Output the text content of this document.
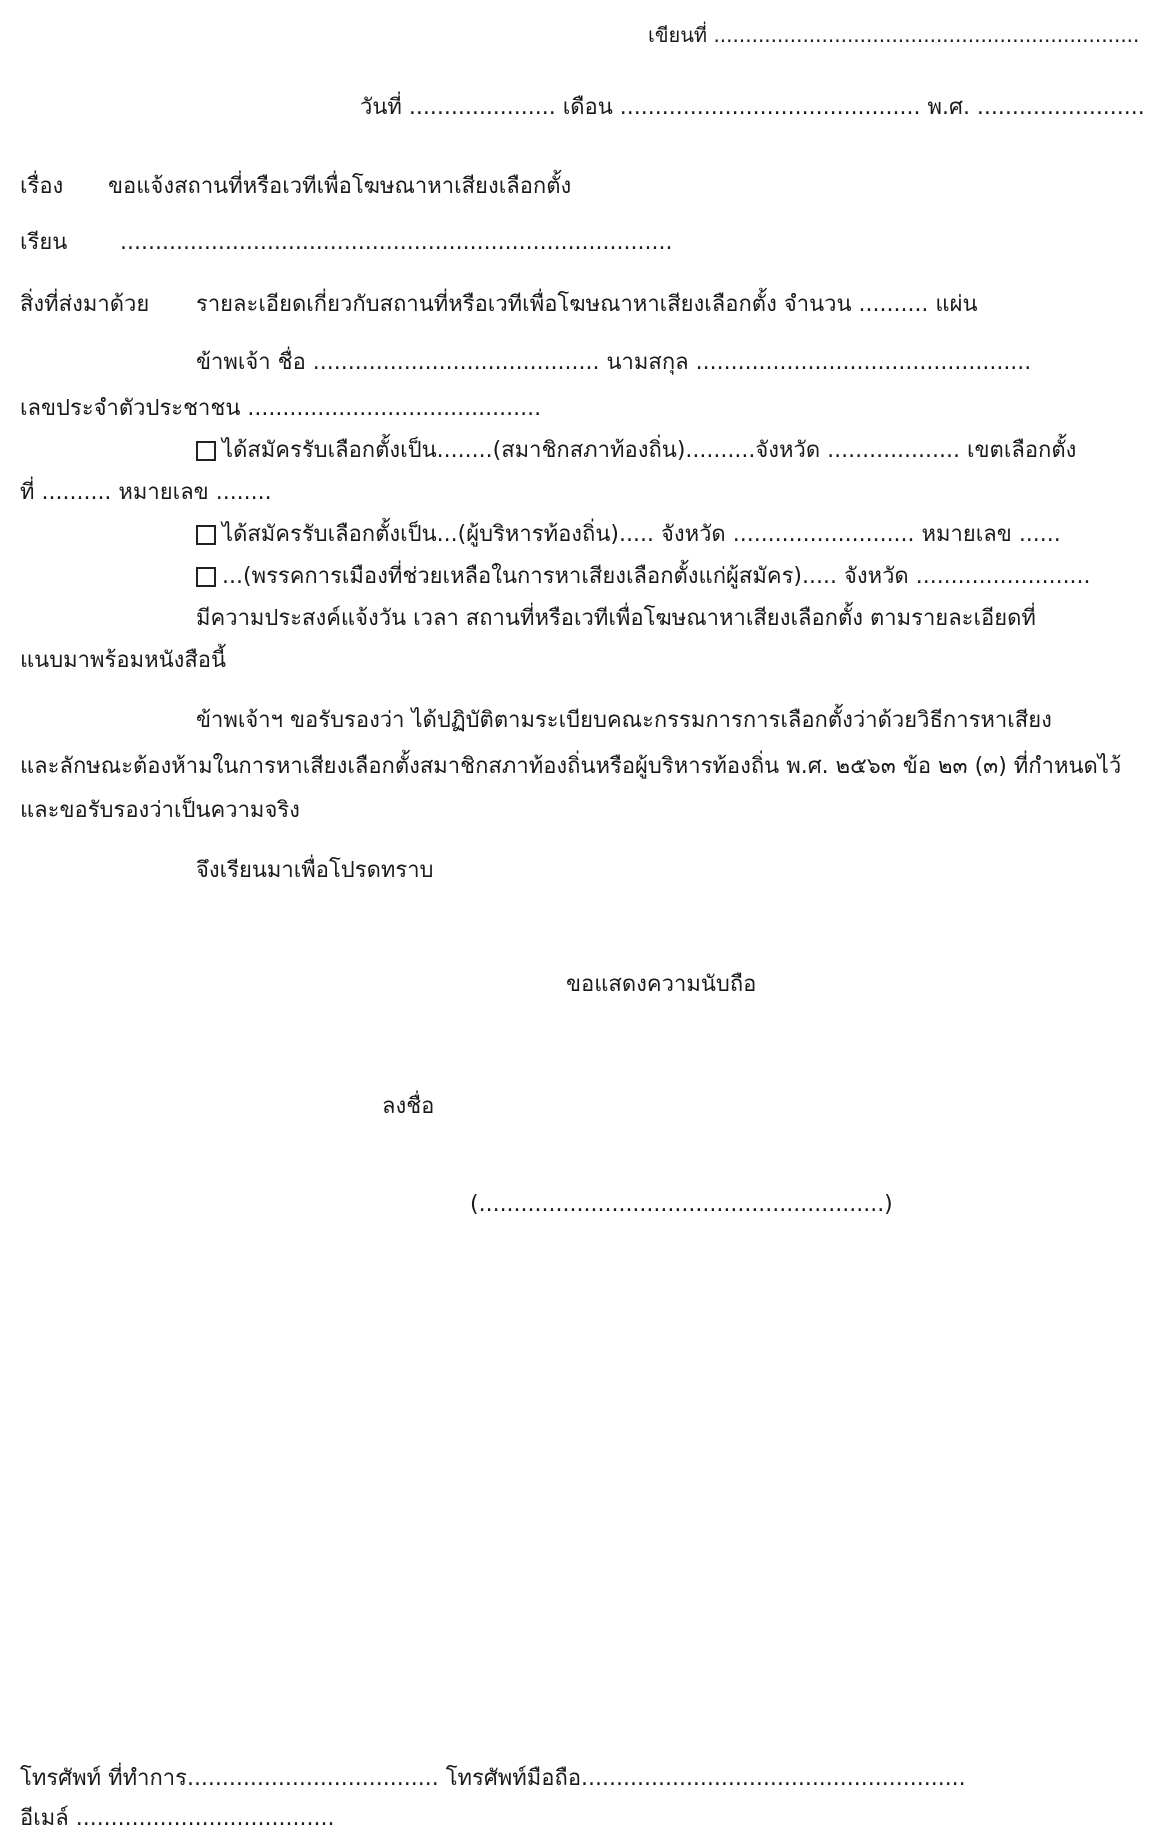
เขียนที่ ...................................................................
วันที่ ..................... เดือน ........................................... พ.ศ. ........................
เรื่อง ขอแจ้งสถานที่หรือเวทีเพื่อโฆษณาหาเสียงเลือกตั้ง
เรียน ...............................................................................
สิ่งที่ส่งมาด้วย รายละเอียดเกี่ยวกับสถานที่หรือเวทีเพื่อโฆษณาหาเสียงเลือกตั้ง จำนวน .......... แผ่น
ข้าพเจ้า ชื่อ ......................................... นามสกุล ................................................
เลขประจำตัวประชาชน ..........................................
ได้สมัครรับเลือกตั้งเป็น........(สมาชิกสภาท้องถิ่น)..........จังหวัด ................... เขตเลือกตั้ง
ที่ .......... หมายเลข ........
ได้สมัครรับเลือกตั้งเป็น...(ผู้บริหารท้องถิ่น)..... จังหวัด .......................... หมายเลข ......
...(พรรคการเมืองที่ช่วยเหลือในการหาเสียงเลือกตั้งแก่ผู้สมัคร)..... จังหวัด .........................
มีความประสงค์แจ้งวัน เวลา สถานที่หรือเวทีเพื่อโฆษณาหาเสียงเลือกตั้ง ตามรายละเอียดที่
แนบมาพร้อมหนังสือนี้
ข้าพเจ้าฯ ขอรับรองว่า ได้ปฏิบัติตามระเบียบคณะกรรมการการเลือกตั้งว่าด้วยวิธีการหาเสียง
และลักษณะต้องห้ามในการหาเสียงเลือกตั้งสมาชิกสภาท้องถิ่นหรือผู้บริหารท้องถิ่น พ.ศ. ๒๕๖๓ ข้อ ๒๓ (๓) ที่กำหนดไว้
และขอรับรองว่าเป็นความจริง
จึงเรียนมาเพื่อโปรดทราบ
ขอแสดงความนับถือ
ลงชื่อ
(..........................................................)
โทรศัพท์ ที่ทำการ.................................... โทรศัพท์มือถือ.......................................................
อีเมล์ .....................................
